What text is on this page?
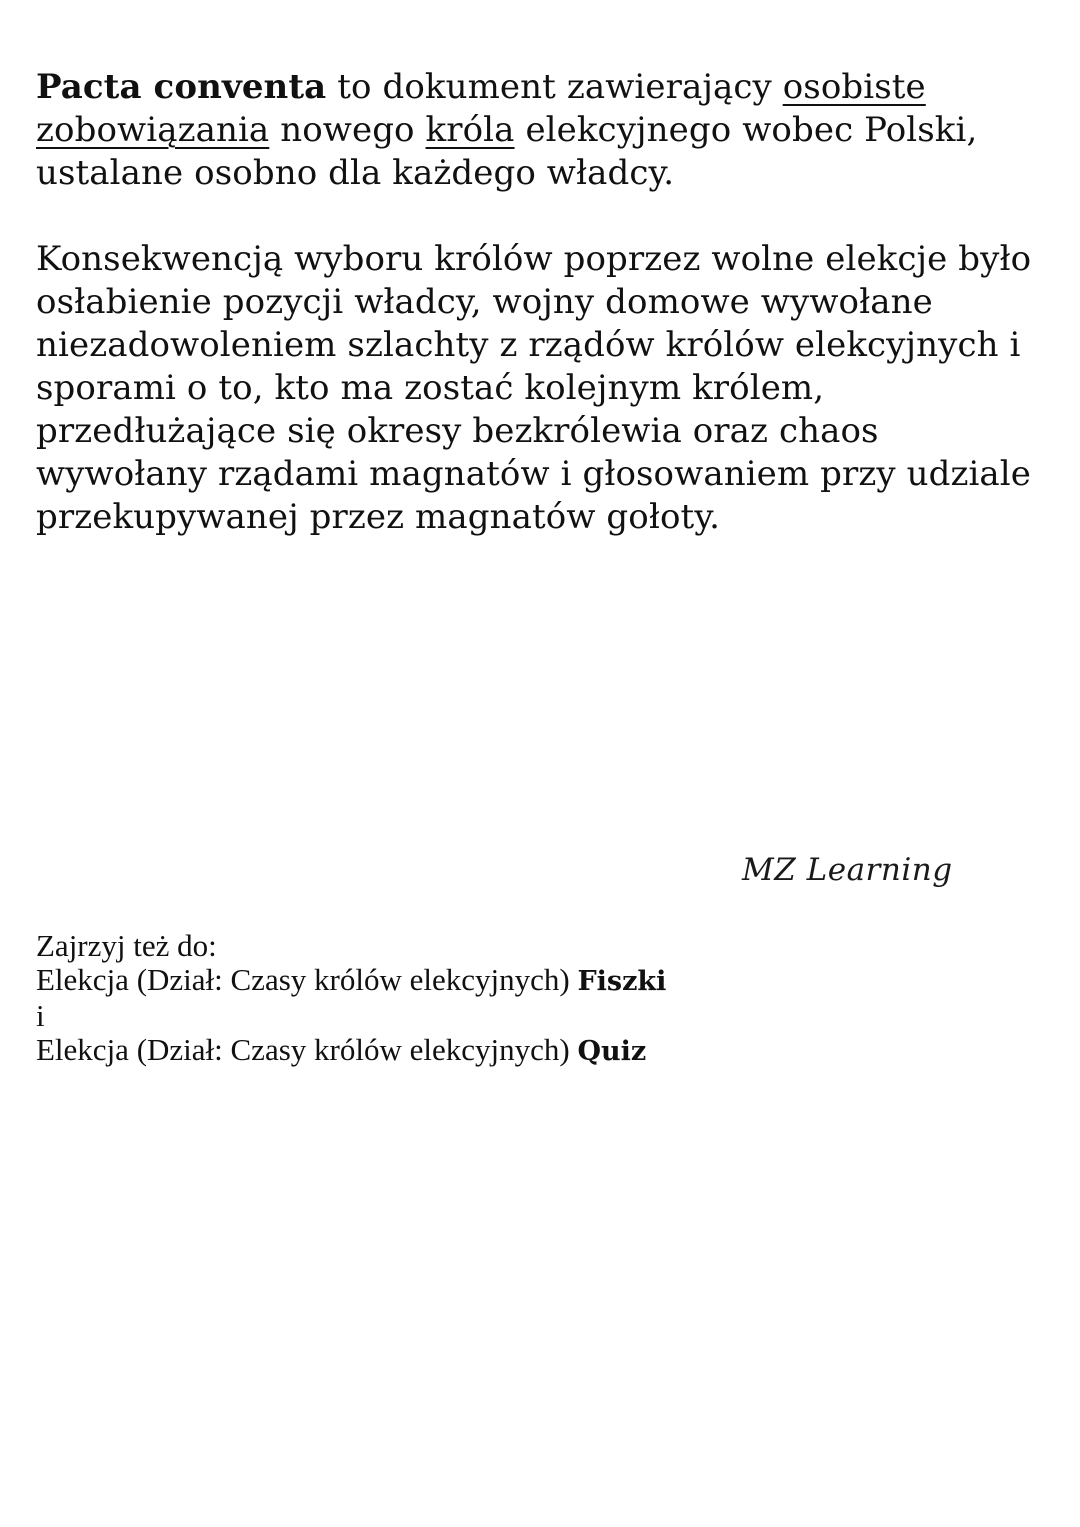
Pacta conventa to dokument zawierający osobiste zobowiązania nowego króla elekcyjnego wobec Polski, ustalane osobno dla każdego władcy.

Konsekwencją wyboru królów poprzez wolne elekcje było osłabienie pozycji władcy, wojny domowe wywołane niezadowoleniem szlachty z rządów królów elekcyjnych i sporami o to, kto ma zostać kolejnym królem, przedłużające się okresy bezkrólewia oraz chaos wywołany rządami magnatów i głosowaniem przy udziale przekupywanej przez magnatów gołoty.

MZ Learning
Zajrzyj też do:
Elekcja (Dział: Czasy królów elekcyjnych) Fiszki
i
Elekcja (Dział: Czasy królów elekcyjnych) Quiz
